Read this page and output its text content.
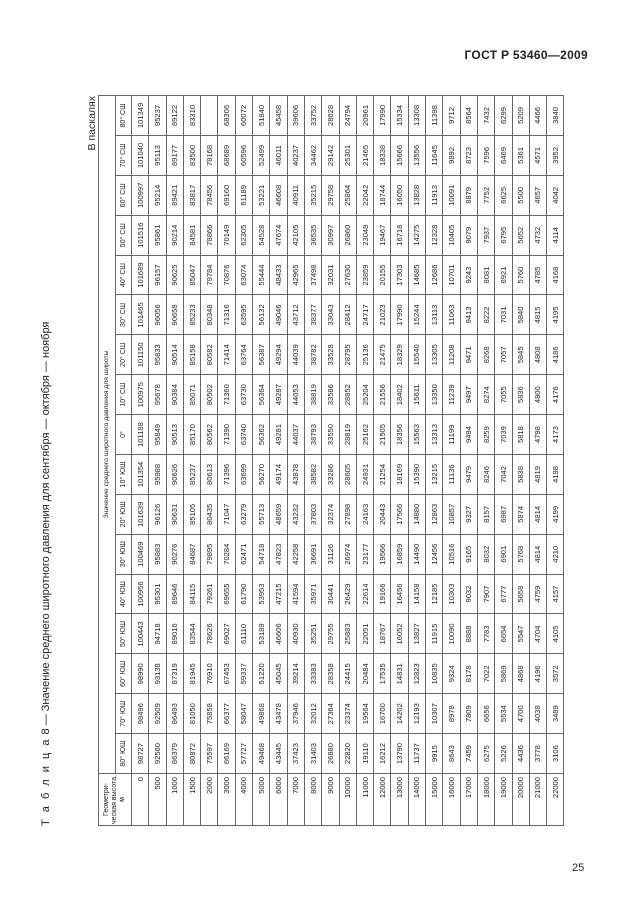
ГОСТ Р 53460—2009
Т а б л и ц а 8 — Значение среднего широтного давления для сентября — октября — ноября
В паскалях
Геометри-ческая высота, м	Значение среднего широтного давления для широты																
	80° ЮШ	70° ЮШ	60° ЮШ	50° ЮШ	40° ЮШ	30° ЮШ	20° ЮШ	10° ЮШ	0°	10° СШ	20° СШ	30° СШ	40° СШ	50° СШ	60° СШ	70° СШ	80° СШ
0	98727	98496	98990	100443	100956	100469	101639	101354	101188	100975	101150	101465	101689	101516	100997	101040	101349
500	92560	92509	93138	94718	95301	95883	96126	95988	95849	95678	95833	96056	96157	95861	95214	95113	95237
1000	86379	86493	87319	89016	89646	90276	90631	90626	90513	90384	90514	90658	90625	90214	89421	89177	89122
1500	80872	81050	81945	83544	84115	84687	85105	85237	85170	85071	85158	85233	85047	84581	83817	83500	83310
2000	75597	75858	76910	78626	79261	79895	80435	80613	80562	80502	80582	80348	79784	78866	78456	78168	
3000	66169	66377	67453	69027	69655	70284	71047	71396	71390	71360	71414	71316	70876	70149	69160	68689	68306
4000	57727	58047	59337	61110	61790	62471	63279	63699	63740	63730	63764	63595	63074	62305	61189	60596	60072
5000	49468	49868	51220	53189	53953	54718	55713	56270	56362	56364	56387	56132	55444	54528	53221	52499	51840
6000	43445	43478	45045	46606	47215	47823	48659	49174	49281	49287	49294	49046	48433	47674	46608	46011	45458
7000	37423	37946	39214	40930	41594	42258	43232	43878	44037	44053	44039	43712	42965	42105	40911	40237	39606
8000	31403	32012	33383	35251	35971	36691	37803	38582	38793	38819	38782	38377	37498	36535	35215	34462	33752
9000	26880	27364	28358	29755	30441	31126	32374	33286	33550	33586	33528	33043	32031	30997	29758	29142	28628
10000	22820	23374	24415	25883	26429	26974	27898	28605	28819	28852	28795	28412	27630	26860	25864	25301	24794
11000	19110	19564	20484	22051	22614	23177	24163	24931	25162	25204	25136	24717	23859	23048	22042	21465	20961
12000	16212	16700	17535	18767	19166	19566	20443	21254	21505	21556	21475	21023	20155	19467	18744	18338	17990
13000	13790	14202	14831	16052	16456	16859	17566	18169	18356	18402	18329	17990	17303	16718	16050	15666	15334
14000	11737	12193	12823	13827	14158	14490	14880	15390	15563	15611	15540	15244	14685	14275	13828	13556	13308
15000	9915	10307	10835	11915	12185	12456	12863	13215	13313	13350	13305	13113	12686	12328	11913	11645	11398
16000	8643	8978	9324	10090	10303	10516	10857	11136	11199	11239	11208	11063	10701	10405	10091	9892	9712
17000	7459	7809	8178	8888	9032	9165	9327	9479	9494	9497	9471	9413	9243	9079	8879	8723	8564
18000	6275	6656	7022	7783	7907	8032	8157	8246	8259	8274	8268	8222	8081	7937	7752	7596	7432
19000	5226	5534	5869	6654	6777	6901	6987	7042	7039	7055	7057	7031	6921	6795	6625	6469	6299
20000	4436	4700	4868	5547	5658	5768	5874	5838	5818	5836	5845	5840	5760	5652	5500	5361	5209
21000	3778	4038	4196	4704	4759	4814	4814	4819	4798	4800	4808	4815	4785	4732	4657	4571	4466
22000	3106	3489	3572	4105	4157	4210	4199	4198	4173	4176	4186	4195	4168	4114	4042	3952	3840
25
